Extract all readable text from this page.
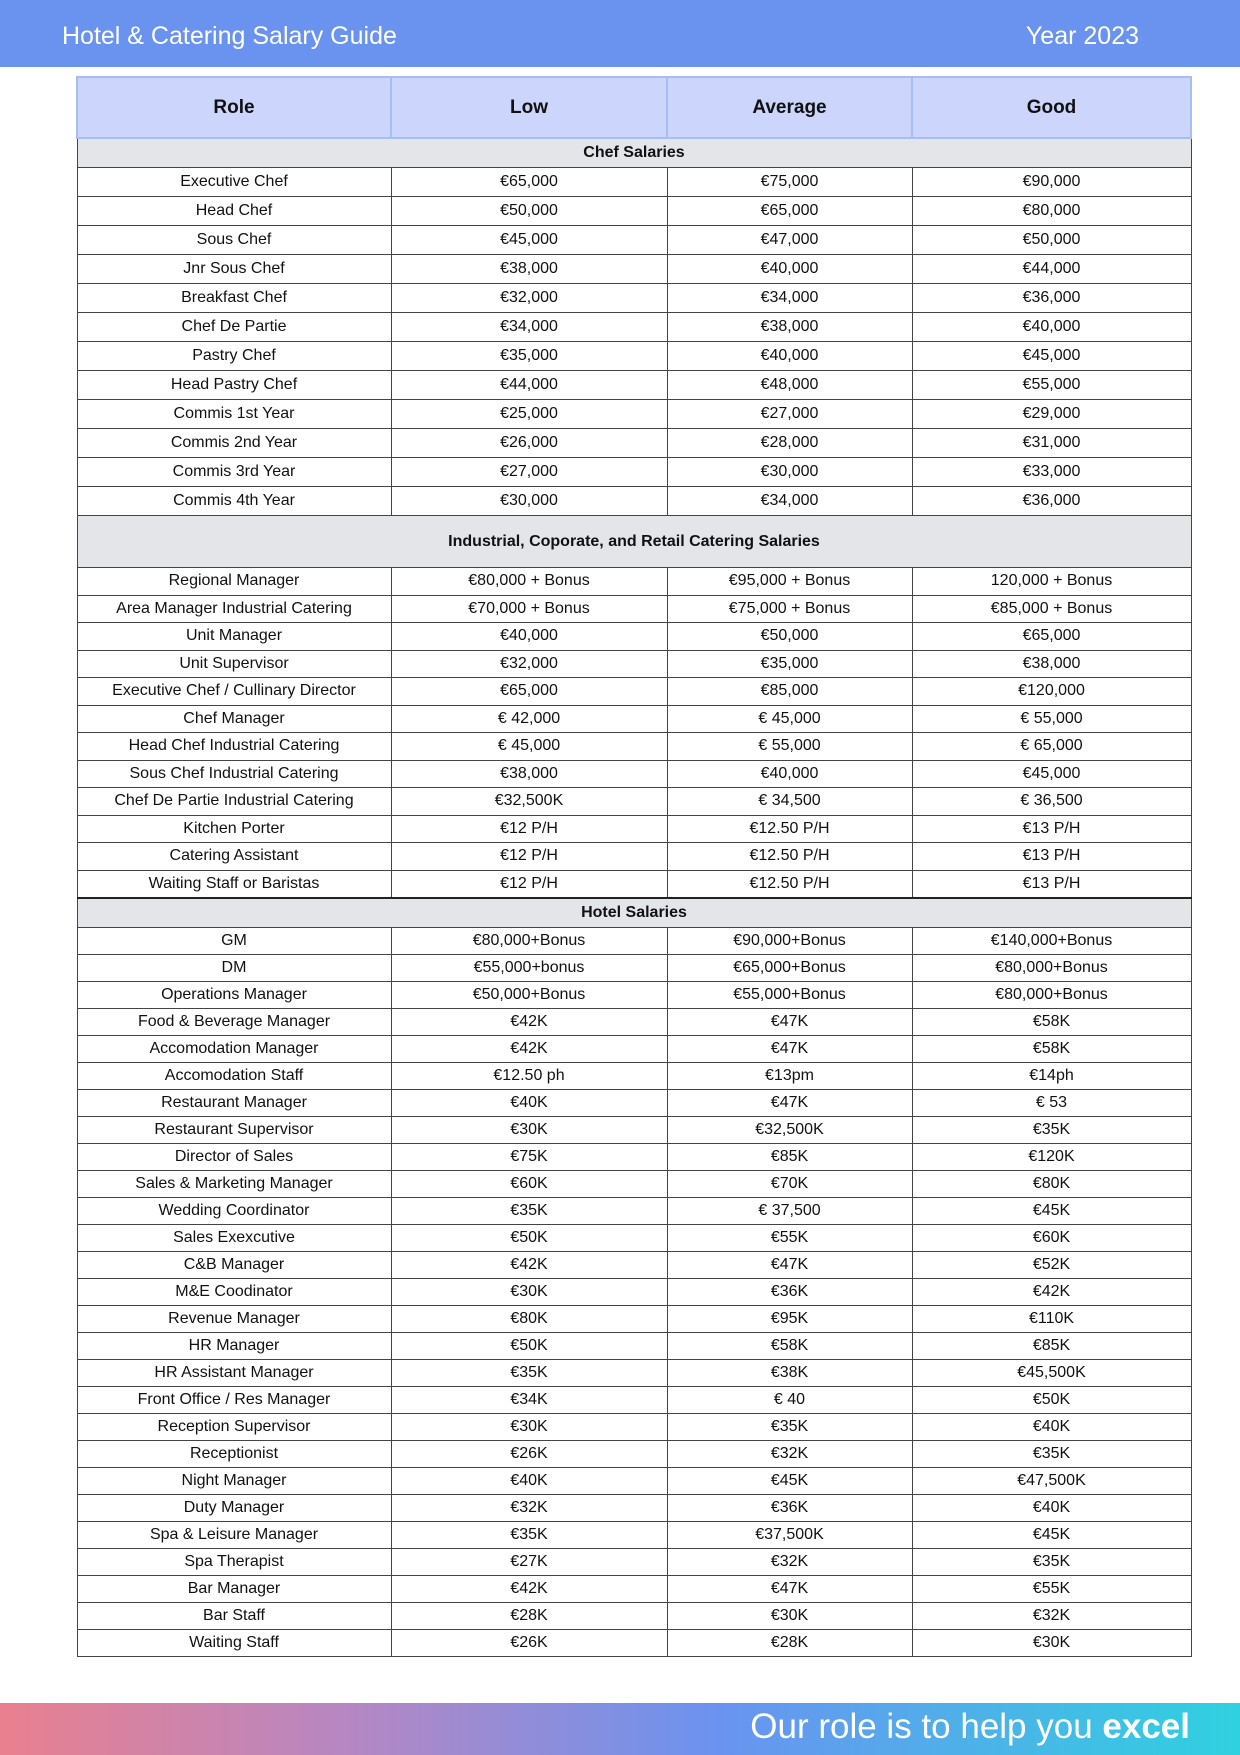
Hotel & Catering Salary Guide	Year 2023
Role	Low	Average	Good
Chef Salaries			
Executive Chef	€65,000	€75,000	€90,000
Head Chef	€50,000	€65,000	€80,000
Sous Chef	€45,000	€47,000	€50,000
Jnr Sous Chef	€38,000	€40,000	€44,000
Breakfast Chef	€32,000	€34,000	€36,000
Chef De Partie	€34,000	€38,000	€40,000
Pastry Chef	€35,000	€40,000	€45,000
Head Pastry Chef	€44,000	€48,000	€55,000
Commis 1st Year	€25,000	€27,000	€29,000
Commis 2nd Year	€26,000	€28,000	€31,000
Commis 3rd Year	€27,000	€30,000	€33,000
Commis 4th Year	€30,000	€34,000	€36,000
Industrial, Coporate, and Retail Catering Salaries			
Regional Manager	€80,000 + Bonus	€95,000 + Bonus	120,000 + Bonus
Area Manager Industrial Catering	€70,000 + Bonus	€75,000 + Bonus	€85,000 + Bonus
Unit Manager	€40,000	€50,000	€65,000
Unit Supervisor	€32,000	€35,000	€38,000
Executive Chef / Cullinary Director	€65,000	€85,000	€120,000
Chef Manager	€ 42,000	€ 45,000	€ 55,000
Head Chef Industrial Catering	€ 45,000	€ 55,000	€ 65,000
Sous Chef Industrial Catering	€38,000	€40,000	€45,000
Chef De Partie Industrial Catering	€32,500K	€ 34,500	€ 36,500
Kitchen Porter	€12 P/H	€12.50 P/H	€13 P/H
Catering Assistant	€12 P/H	€12.50 P/H	€13 P/H
Waiting Staff or Baristas	€12 P/H	€12.50 P/H	€13 P/H
Hotel Salaries			
GM	€80,000+Bonus	€90,000+Bonus	€140,000+Bonus
DM	€55,000+bonus	€65,000+Bonus	€80,000+Bonus
Operations Manager	€50,000+Bonus	€55,000+Bonus	€80,000+Bonus
Food & Beverage Manager	€42K	€47K	€58K
Accomodation Manager	€42K	€47K	€58K
Accomodation Staff	€12.50 ph	€13pm	€14ph
Restaurant Manager	€40K	€47K	€ 53
Restaurant Supervisor	€30K	€32,500K	€35K
Director of Sales	€75K	€85K	€120K
Sales & Marketing Manager	€60K	€70K	€80K
Wedding Coordinator	€35K	€ 37,500	€45K
Sales Exexcutive	€50K	€55K	€60K
C&B Manager	€42K	€47K	€52K
M&E Coodinator	€30K	€36K	€42K
Revenue Manager	€80K	€95K	€110K
HR Manager	€50K	€58K	€85K
HR Assistant Manager	€35K	€38K	€45,500K
Front Office / Res Manager	€34K	€ 40	€50K
Reception Supervisor	€30K	€35K	€40K
Receptionist	€26K	€32K	€35K
Night Manager	€40K	€45K	€47,500K
Duty Manager	€32K	€36K	€40K
Spa & Leisure Manager	€35K	€37,500K	€45K
Spa Therapist	€27K	€32K	€35K
Bar Manager	€42K	€47K	€55K
Bar Staff	€28K	€30K	€32K
Waiting Staff	€26K	€28K	€30K
Our role is to help you excel
